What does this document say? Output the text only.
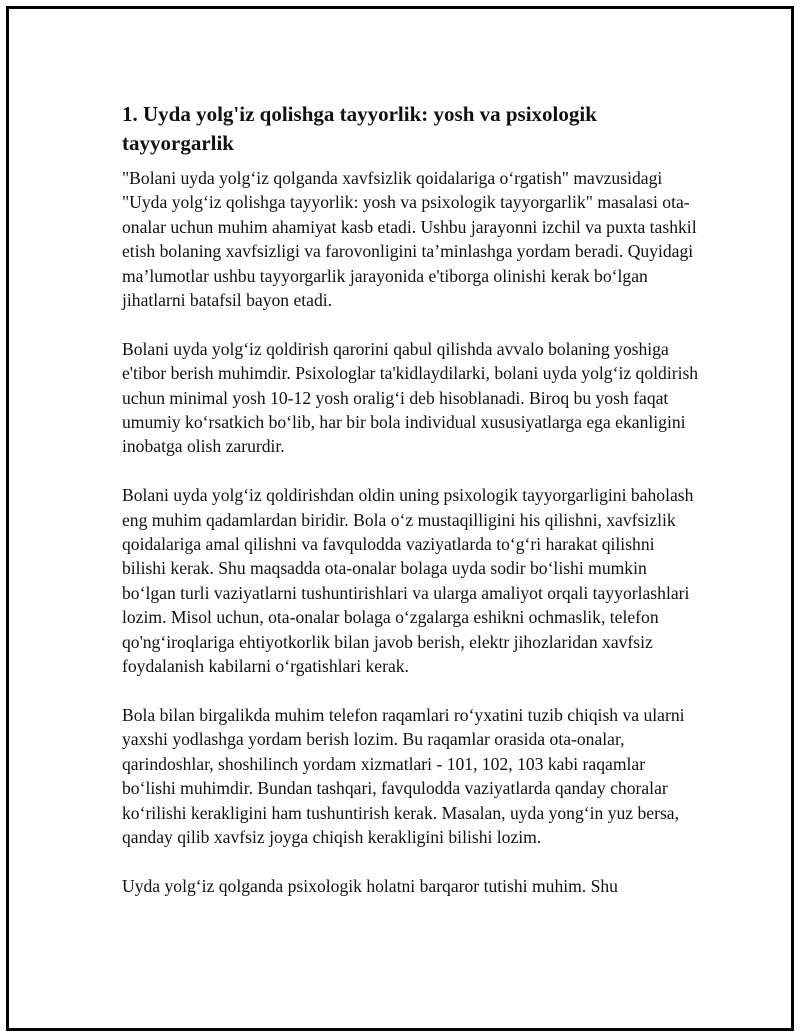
1. Uyda yolg'iz qolishga tayyorlik: yosh va psixologik tayyorgarlik

"Bolani uyda yolg‘iz qolganda xavfsizlik qoidalariga o‘rgatish" mavzusidagi "Uyda yolg‘iz qolishga tayyorlik: yosh va psixologik tayyorgarlik" masalasi ota-onalar uchun muhim ahamiyat kasb etadi. Ushbu jarayonni izchil va puxta tashkil etish bolaning xavfsizligi va farovonligini ta’minlashga yordam beradi. Quyidagi ma’lumotlar ushbu tayyorgarlik jarayonida e'tiborga olinishi kerak bo‘lgan jihatlarni batafsil bayon etadi.

Bolani uyda yolg‘iz qoldirish qarorini qabul qilishda avvalo bolaning yoshiga e'tibor berish muhimdir. Psixologlar ta'kidlaydilarki, bolani uyda yolg‘iz qoldirish uchun minimal yosh 10-12 yosh oralig‘i deb hisoblanadi. Biroq bu yosh faqat umumiy ko‘rsatkich bo‘lib, har bir bola individual xususiyatlarga ega ekanligini inobatga olish zarurdir.

Bolani uyda yolg‘iz qoldirishdan oldin uning psixologik tayyorgarligini baholash eng muhim qadamlardan biridir. Bola o‘z mustaqilligini his qilishni, xavfsizlik qoidalariga amal qilishni va favqulodda vaziyatlarda to‘g‘ri harakat qilishni bilishi kerak. Shu maqsadda ota-onalar bolaga uyda sodir bo‘lishi mumkin bo‘lgan turli vaziyatlarni tushuntirishlari va ularga amaliyot orqali tayyorlashlari lozim. Misol uchun, ota-onalar bolaga o‘zgalarga eshikni ochmaslik, telefon qo'ng‘iroqlariga ehtiyotkorlik bilan javob berish, elektr jihozlaridan xavfsiz foydalanish kabilarni o‘rgatishlari kerak.

Bola bilan birgalikda muhim telefon raqamlari ro‘yxatini tuzib chiqish va ularni yaxshi yodlashga yordam berish lozim. Bu raqamlar orasida ota-onalar, qarindoshlar, shoshilinch yordam xizmatlari - 101, 102, 103 kabi raqamlar bo‘lishi muhimdir. Bundan tashqari, favqulodda vaziyatlarda qanday choralar ko‘rilishi kerakligini ham tushuntirish kerak. Masalan, uyda yong‘in yuz bersa, qanday qilib xavfsiz joyga chiqish kerakligini bilishi lozim.

Uyda yolg‘iz qolganda psixologik holatni barqaror tutishi muhim. Shu
